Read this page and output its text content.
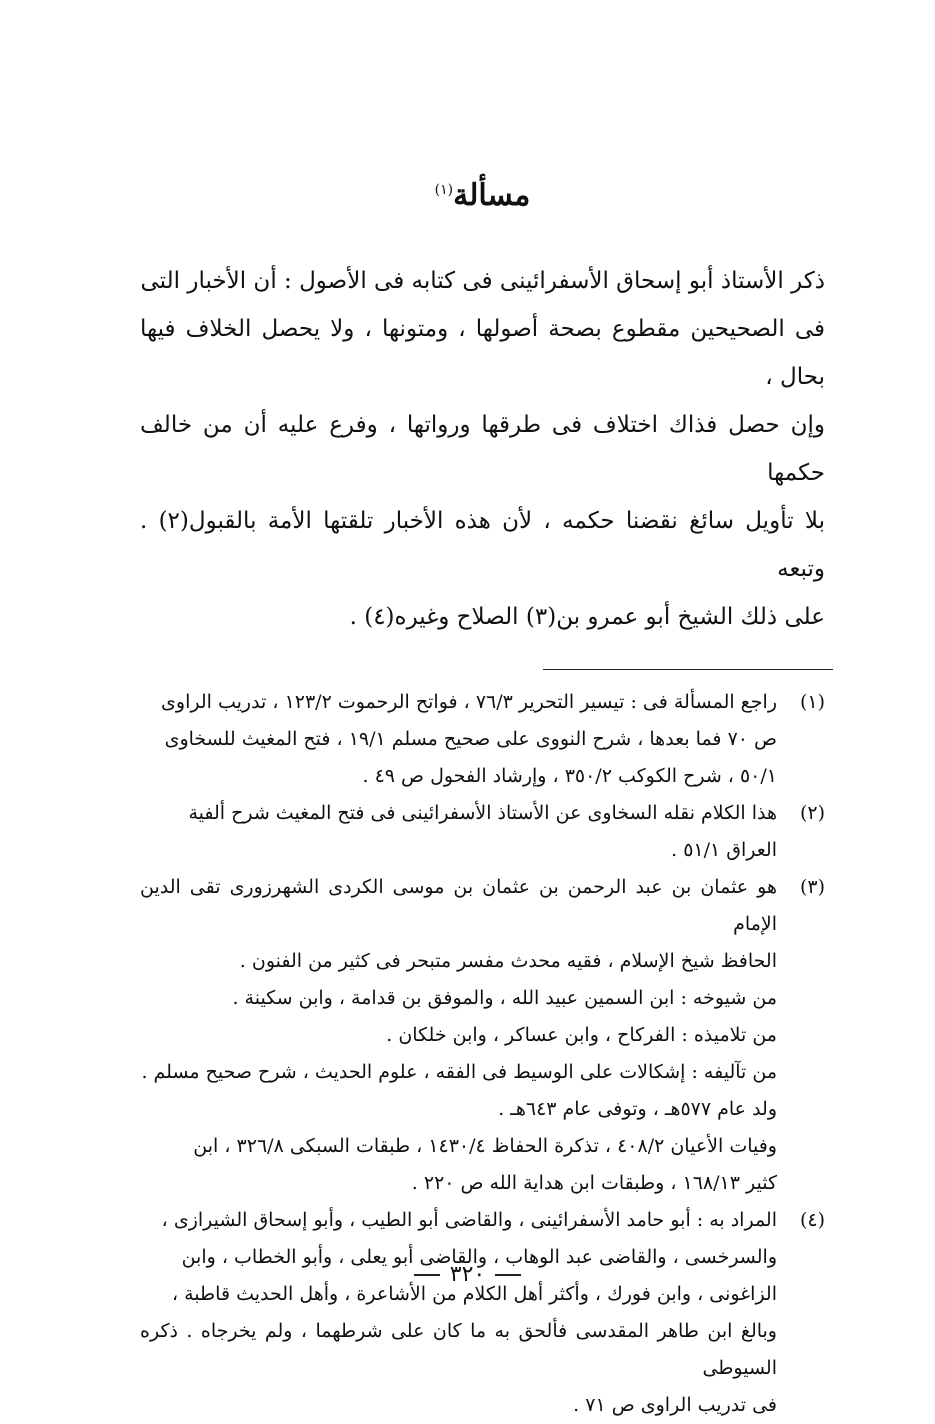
مسألة$^{(١)}$

ذكر الأستاذ أبو إسحاق الأسفرائينى فى كتابه فى الأصول : أن الأخبار التى

فى الصحيحين مقطوع بصحة أصولها ، ومتونها ، ولا يحصل الخلاف فيها بحال ،

وإن حصل فذاك اختلاف فى طرقها ورواتها ، وفرع عليه أن من خالف حكمها

بلا تأويل سائغ نقضنا حكمه ، لأن هذه الأخبار تلقتها الأمة بالقبول(٢) . وتبعه

على ذلك الشيخ أبو عمرو بن(٣) الصلاح وغيره(٤) .

(١)
راجع المسألة فى : تيسير التحرير ٧٦/٣ ، فواتح الرحموت ١٢٣/٢ ، تدريب الراوى
ص ٧٠ فما بعدها ، شرح النووى على صحيح مسلم ١٩/١ ، فتح المغيث للسخاوى
٥٠/١ ، شرح الكوكب ٣٥٠/٢ ، وإرشاد الفحول ص ٤٩ .
(٢)
هذا الكلام نقله السخاوى عن الأستاذ الأسفرائينى فى فتح المغيث شرح ألفية
العراق ٥١/١ .
(٣)
هو عثمان بن عبد الرحمن بن عثمان بن موسى الكردى الشهرزورى تقى الدين الإمام
الحافظ شيخ الإسلام ، فقيه محدث مفسر متبحر فى كثير من الفنون .
من شيوخه : ابن السمين عبيد الله ، والموفق بن قدامة ، وابن سكينة .
من تلاميذه : الفركاح ، وابن عساكر ، وابن خلكان .
من تآليفه : إشكالات على الوسيط فى الفقه ، علوم الحديث ، شرح صحيح مسلم .
ولد عام ٥٧٧هـ ، وتوفى عام ٦٤٣هـ .
وفيات الأعيان ٤٠٨/٢ ، تذكرة الحفاظ ١٤٣٠/٤ ، طبقات السبكى ٣٢٦/٨ ، ابن
كثير ١٦٨/١٣ ، وطبقات ابن هداية الله ص ٢٢٠ .
(٤)
المراد به : أبو حامد الأسفرائينى ، والقاضى أبو الطيب ، وأبو إسحاق الشيرازى ،
والسرخسى ، والقاضى عبد الوهاب ، والقاضى أبو يعلى ، وأبو الخطاب ، وابن
الزاغونى ، وابن فورك ، وأكثر أهل الكلام من الأشاعرة ، وأهل الحديث قاطبة ،
وبالغ ابن طاهر المقدسى فألحق به ما كان على شرطهما ، ولم يخرجاه . ذكره السيوطى
فى تدريب الراوى ص ٧١ .
٣٢٠
